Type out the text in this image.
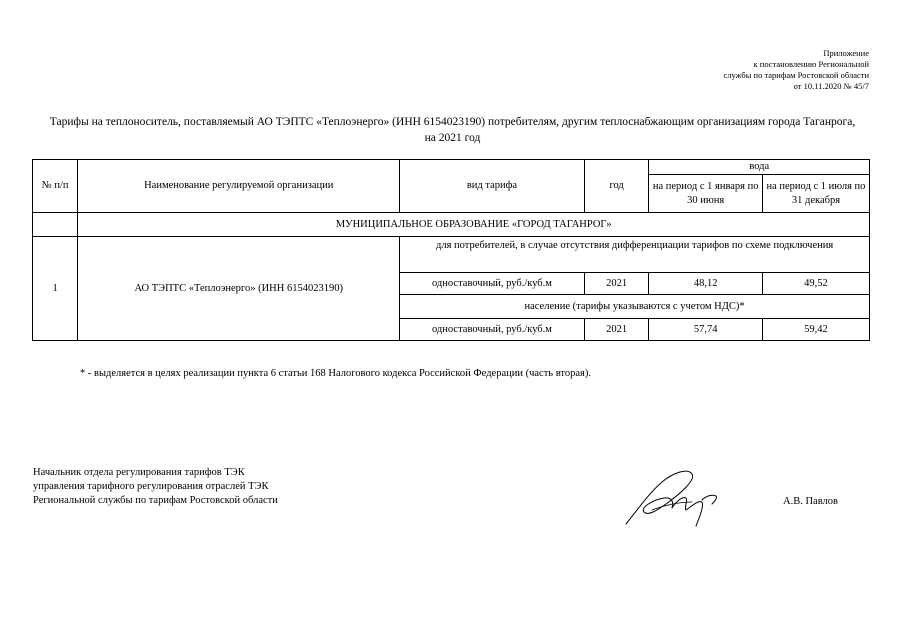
Приложение
к постановлению Региональной
службы по тарифам Ростовской области
от 10.11.2020 № 45/7
Тарифы на теплоноситель, поставляемый АО ТЭПТС «Теплоэнерго» (ИНН 6154023190) потребителям, другим теплоснабжающим организациям города Таганрога,
на 2021 год
№ п/п	Наименование регулируемой организации	вид тарифа	год	вода	
				на период с 1 января по 30 июня	на период с 1 июля по 31 декабря
	МУНИЦИПАЛЬНОЕ ОБРАЗОВАНИЕ «ГОРОД ТАГАНРОГ»				
1	АО ТЭПТС «Теплоэнерго» (ИНН 6154023190)	для потребителей, в случае отсутствия дифференциации тарифов по схеме подключения			

		одноставочный, руб./куб.м	2021	48,12	49,52
		население (тарифы указываются с учетом НДС)*			
		одноставочный, руб./куб.м	2021	57,74	59,42
* - выделяется в целях реализации пункта 6 статьи 168 Налогового кодекса Российской Федерации (часть вторая).
Начальник отдела регулирования тарифов ТЭК
управления тарифного регулирования отраслей ТЭК
Региональной службы по тарифам Ростовской области	А.В. Павлов
